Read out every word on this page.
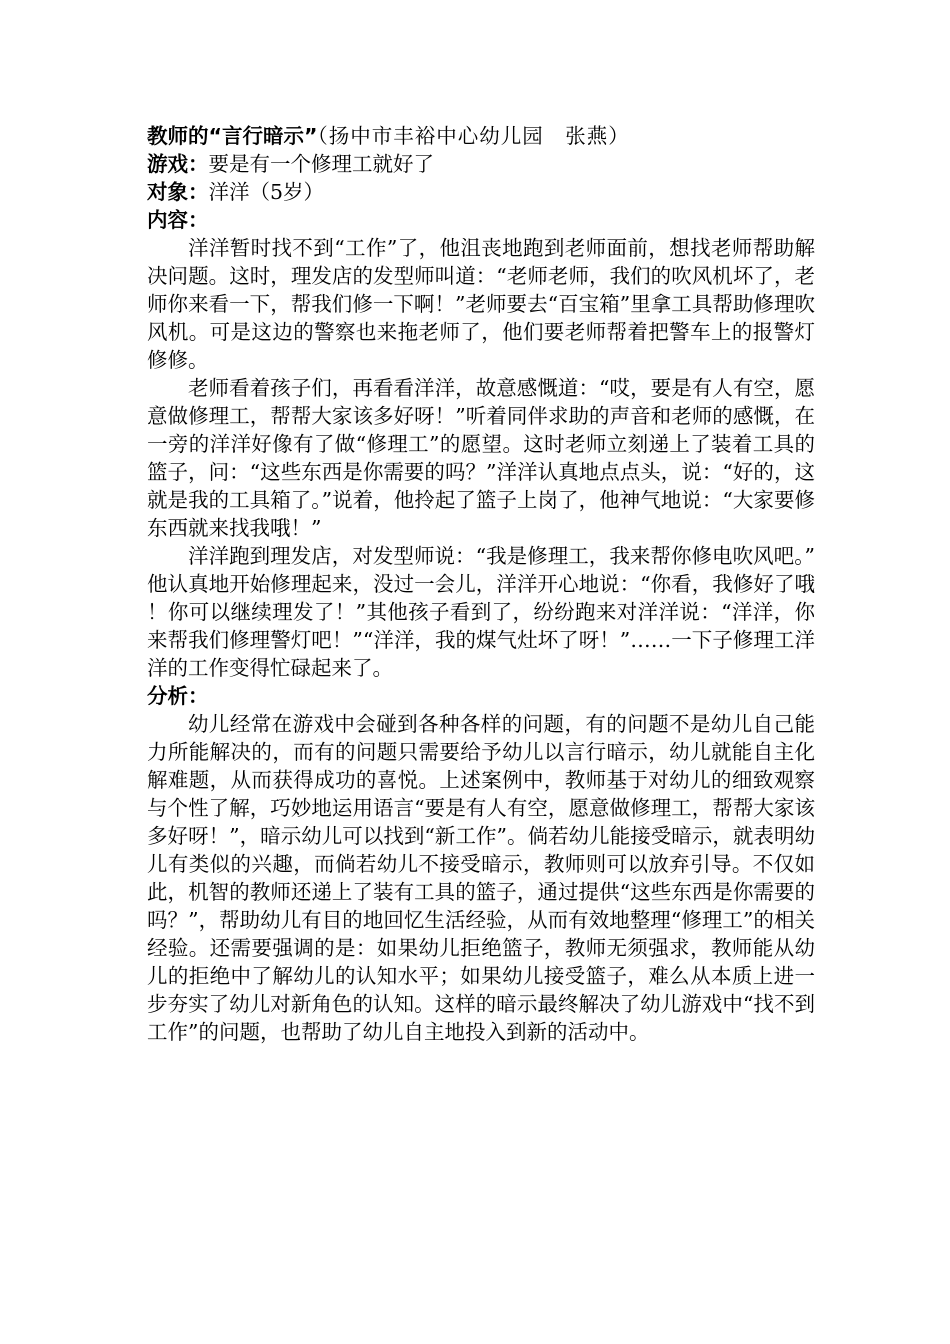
教师的“言行暗示”（扬中市丰裕中心幼儿园　张燕）

游戏：要是有一个修理工就好了

对象：洋洋（5岁）

内容：

洋洋暂时找不到“工作”了，他沮丧地跑到老师面前，想找老师帮助解决问题。这时，理发店的发型师叫道：“老师老师，我们的吹风机坏了，老师你来看一下，帮我们修一下啊！”老师要去“百宝箱”里拿工具帮助修理吹风机。可是这边的警察也来拖老师了，他们要老师帮着把警车上的报警灯修修。

老师看着孩子们，再看看洋洋，故意感慨道：“哎，要是有人有空，愿意做修理工，帮帮大家该多好呀！”听着同伴求助的声音和老师的感慨，在一旁的洋洋好像有了做“修理工”的愿望。这时老师立刻递上了装着工具的篮子，问：“这些东西是你需要的吗？”洋洋认真地点点头，说：“好的，这就是我的工具箱了。”说着，他拎起了篮子上岗了，他神气地说：“大家要修东西就来找我哦！”

洋洋跑到理发店，对发型师说：“我是修理工，我来帮你修电吹风吧。”他认真地开始修理起来，没过一会儿，洋洋开心地说：“你看，我修好了哦！你可以继续理发了！”其他孩子看到了，纷纷跑来对洋洋说：“洋洋，你来帮我们修理警灯吧！”“洋洋，我的煤气灶坏了呀！”……一下子修理工洋洋的工作变得忙碌起来了。

分析：

幼儿经常在游戏中会碰到各种各样的问题，有的问题不是幼儿自己能力所能解决的，而有的问题只需要给予幼儿以言行暗示，幼儿就能自主化解难题，从而获得成功的喜悦。上述案例中，教师基于对幼儿的细致观察与个性了解，巧妙地运用语言“要是有人有空，愿意做修理工，帮帮大家该多好呀！”，暗示幼儿可以找到“新工作”。倘若幼儿能接受暗示，就表明幼儿有类似的兴趣，而倘若幼儿不接受暗示，教师则可以放弃引导。不仅如此，机智的教师还递上了装有工具的篮子，通过提供“这些东西是你需要的吗？”，帮助幼儿有目的地回忆生活经验，从而有效地整理“修理工”的相关经验。还需要强调的是：如果幼儿拒绝篮子，教师无须强求，教师能从幼儿的拒绝中了解幼儿的认知水平；如果幼儿接受篮子，难么从本质上进一步夯实了幼儿对新角色的认知。这样的暗示最终解决了幼儿游戏中“找不到工作”的问题，也帮助了幼儿自主地投入到新的活动中。
